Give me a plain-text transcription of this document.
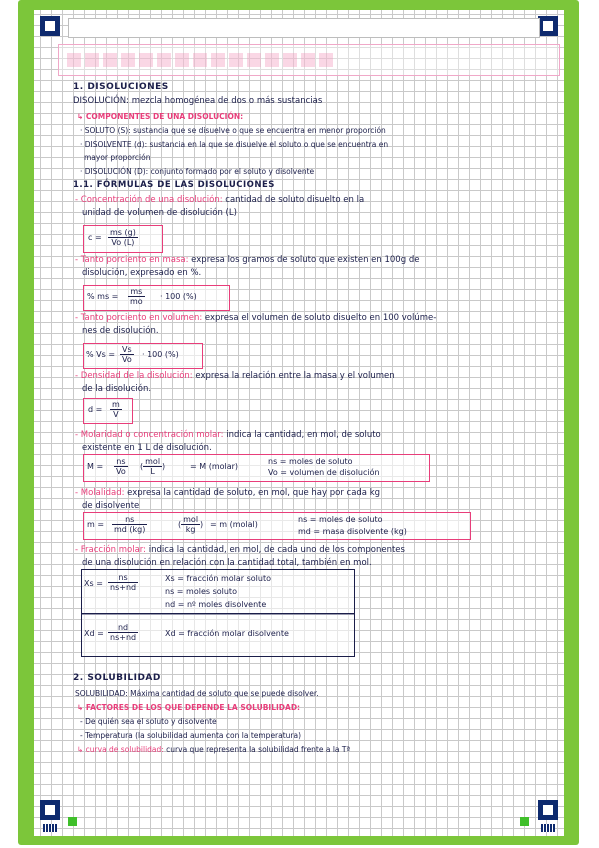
1. DISOLUCIONES
DISOLUCIÓN: mezcla homogénea de dos o más sustancias
↳ COMPONENTES DE UNA DISOLUCIÓN:
· SOLUTO (S): sustancia que se disuelve o que se encuentra en menor proporción
· DISOLVENTE (d): sustancia en la que se disuelve el soluto o que se encuentra en
mayor proporción
· DISOLUCIÓN (D): conjunto formado por el soluto y disolvente
1.1. FÓRMULAS DE LAS DISOLUCIONES
- Concentración de una disolución: cantidad de soluto disuelto en la
unidad de volumen de disolución (L)
$c = \frac{ms (g)}{Vo (L)}$
- Tanto porciento en masa: expresa los gramos de soluto que existen en 100g de
disolución, expresado en %.
% ms = $\frac{ms}{mo} \cdot 100$ (%)
- Tanto porciento en volumen: expresa el volumen de soluto disuelto en 100 volúme-
nes de disolución.
% $Vs = \frac{Vs}{Vo} \cdot 100$ (%)
- Densidad de la disolución: expresa la relación entre la masa y el volumen
de la disolución.
$d = \frac{m}{V}$
- Molaridad o concentración molar: indica la cantidad, en mol, de soluto
existente en 1 L de disolución.
$M = \frac{ns}{Vo}$ ( $\frac{\text{mol}}{L}$ )	= M (molar)
ns = moles de soluto
Vo = volumen de disolución
- Molalidad: expresa la cantidad de soluto, en mol, que hay por cada kg
de disolvente
$m = \frac{ns}{md (kg)}$	( $\frac{\text{mol}}{kg}$ ) = m (molal)
ns = moles de soluto
md = masa disolvente (kg)
- Fracción molar: indica la cantidad, en mol, de cada uno de los componentes
de una disolución en relación con la cantidad total, también en mol.
$Xs = \frac{ns}{ns+nd}$	Xs = fracción molar soluto
ns = moles soluto
nd = nº moles disolvente
$Xd = \frac{nd}{ns+nd}$	Xd = fracción molar disolvente
2. SOLUBILIDAD
SOLUBILIDAD: Máxima cantidad de soluto que se puede disolver.
↳ FACTORES DE LOS QUE DEPENDE LA SOLUBILIDAD:
- De quién sea el soluto y disolvente
- Temperatura (la solubilidad aumenta con la temperatura)
↳ curva de solubilidad: curva que representa la solubilidad frente a la Tª
